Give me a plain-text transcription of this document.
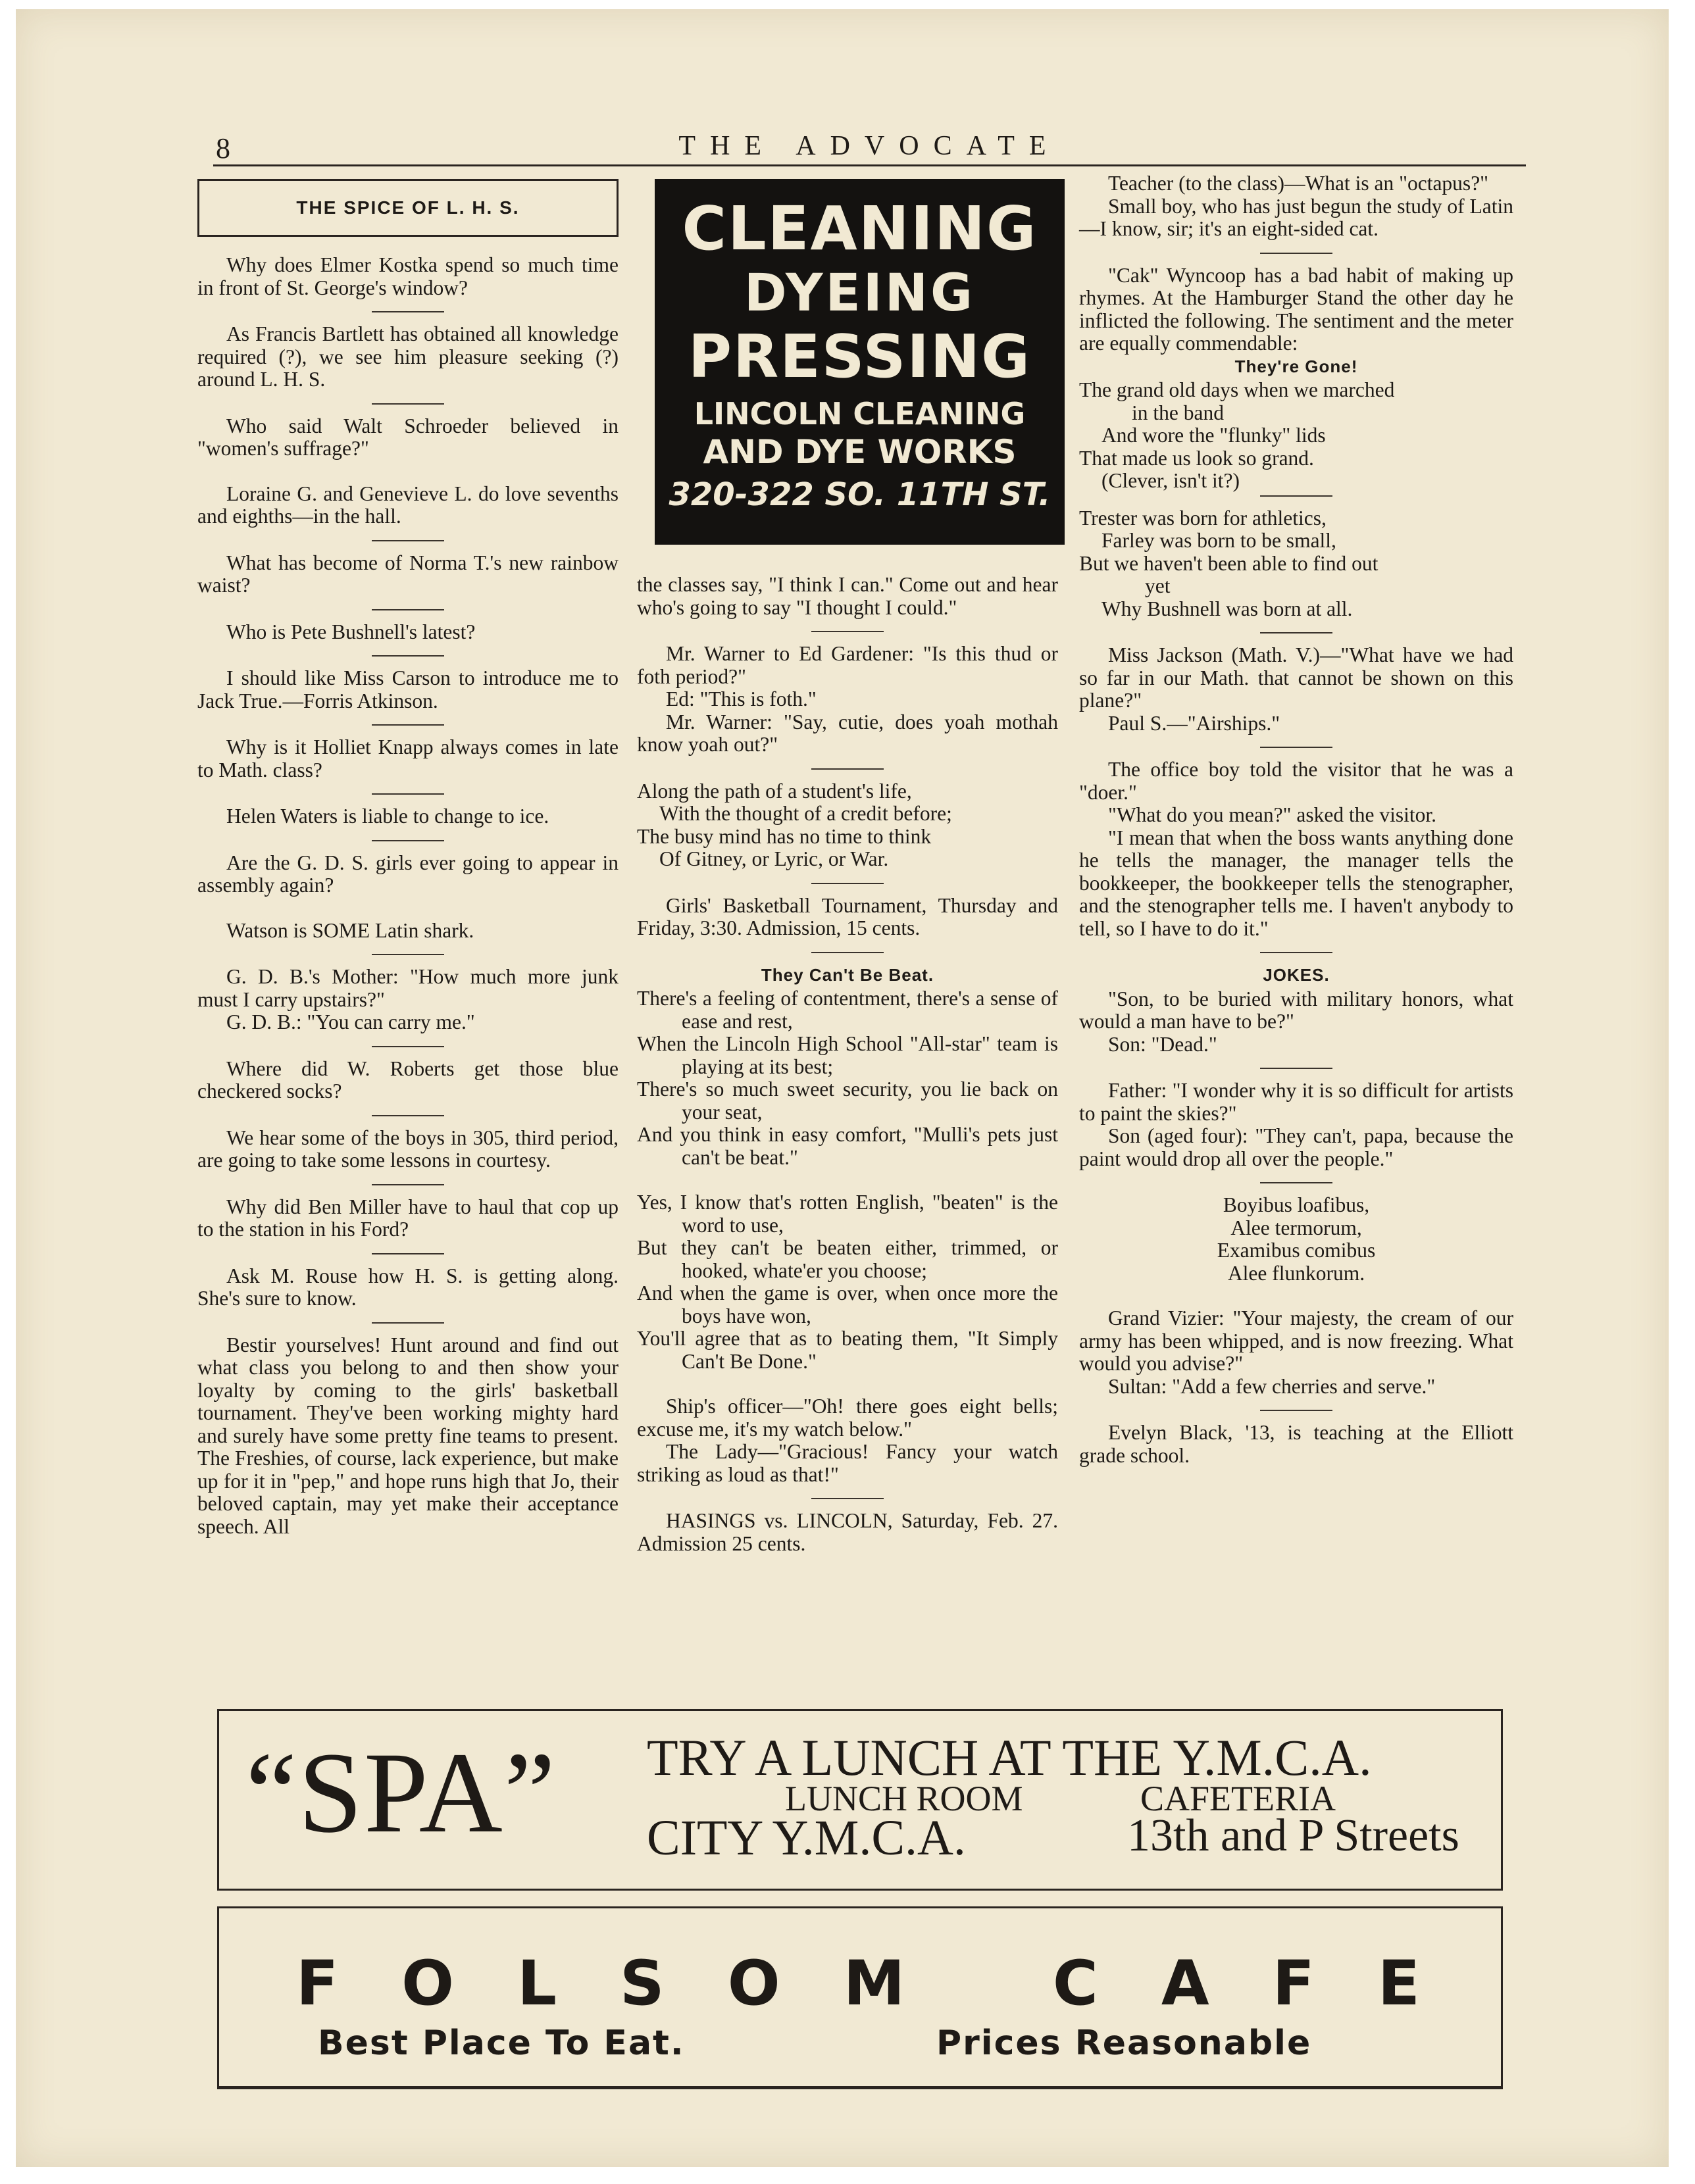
8	THE ADVOCATE
THE SPICE OF L. H. S.

Why does Elmer Kostka spend so much time in front of St. George's window?

As Francis Bartlett has obtained all knowledge required (?), we see him pleasure seeking (?) around L. H. S.

Who said Walt Schroeder believed in "women's suffrage?"

Loraine G. and Genevieve L. do love sevenths and eighths—in the hall.

What has become of Norma T.'s new rainbow waist?

Who is Pete Bushnell's latest?

I should like Miss Carson to introduce me to Jack True.—Forris Atkinson.

Why is it Holliet Knapp always comes in late to Math. class?

Helen Waters is liable to change to ice.

Are the G. D. S. girls ever going to appear in assembly again?

Watson is SOME Latin shark.

G. D. B.'s Mother: "How much more junk must I carry upstairs?"

G. D. B.: "You can carry me."

Where did W. Roberts get those blue checkered socks?

We hear some of the boys in 305, third period, are going to take some lessons in courtesy.

Why did Ben Miller have to haul that cop up to the station in his Ford?

Ask M. Rouse how H. S. is getting along. She's sure to know.

Bestir yourselves! Hunt around and find out what class you belong to and then show your loyalty by coming to the girls' basketball tournament. They've been working mighty hard and surely have some pretty fine teams to present. The Freshies, of course, lack experience, but make up for it in "pep," and hope runs high that Jo, their beloved captain, may yet make their acceptance speech. All

CLEANING
DYEING
PRESSING
LINCOLN CLEANING
AND DYE WORKS
320-322 SO. 11TH ST.

the classes say, "I think I can." Come out and hear who's going to say "I thought I could."

Mr. Warner to Ed Gardener: "Is this thud or foth period?"

Ed: "This is foth."

Mr. Warner: "Say, cutie, does yoah mothah know yoah out?"

Along the path of a student's life,
With the thought of a credit before;
The busy mind has no time to think
Of Gitney, or Lyric, or War.

Girls' Basketball Tournament, Thursday and Friday, 3:30. Admission, 15 cents.

They Can't Be Beat.
There's a feeling of contentment, there's a sense of ease and rest,
When the Lincoln High School "All-star" team is playing at its best;
There's so much sweet security, you lie back on your seat,
And you think in easy comfort, "Mulli's pets just can't be beat."
Yes, I know that's rotten English, "beaten" is the word to use,
But they can't be beaten either, trimmed, or hooked, whate'er you choose;
And when the game is over, when once more the boys have won,
You'll agree that as to beating them, "It Simply Can't Be Done."

Ship's officer—"Oh! there goes eight bells; excuse me, it's my watch below."

The Lady—"Gracious! Fancy your watch striking as loud as that!"

HASINGS vs. LINCOLN, Saturday, Feb. 27. Admission 25 cents.

Teacher (to the class)—What is an "octapus?"

Small boy, who has just begun the study of Latin—I know, sir; it's an eight-sided cat.

"Cak" Wyncoop has a bad habit of making up rhymes. At the Hamburger Stand the other day he inflicted the following. The sentiment and the meter are equally commendable:

They're Gone!
The grand old days when we marched
in the band
And wore the "flunky" lids
That made us look so grand.
(Clever, isn't it?)
Trester was born for athletics,
Farley was born to be small,
But we haven't been able to find out
yet
Why Bushnell was born at all.

Miss Jackson (Math. V.)—"What have we had so far in our Math. that cannot be shown on this plane?"

Paul S.—"Airships."

The office boy told the visitor that he was a "doer."

"What do you mean?" asked the visitor.

"I mean that when the boss wants anything done he tells the manager, the manager tells the bookkeeper, the bookkeeper tells the stenographer, and the stenographer tells me. I haven't anybody to tell, so I have to do it."

JOKES.

"Son, to be buried with military honors, what would a man have to be?"

Son: "Dead."

Father: "I wonder why it is so difficult for artists to paint the skies?"

Son (aged four): "They can't, papa, because the paint would drop all over the people."

Boyibus loafibus,
Alee termorum,
Examibus comibus
Alee flunkorum.

Grand Vizier: "Your majesty, the cream of our army has been whipped, and is now freezing. What would you advise?"

Sultan: "Add a few cherries and serve."

Evelyn Black, '13, is teaching at the Elliott grade school.

“SPA” TRY A LUNCH AT THE Y.M.C.A.
LUNCH ROOM	CAFETERIA
CITY Y.M.C.A.	13th and P Streets
FOLSOM CAFE
Best Place To Eat.	Prices Reasonable
